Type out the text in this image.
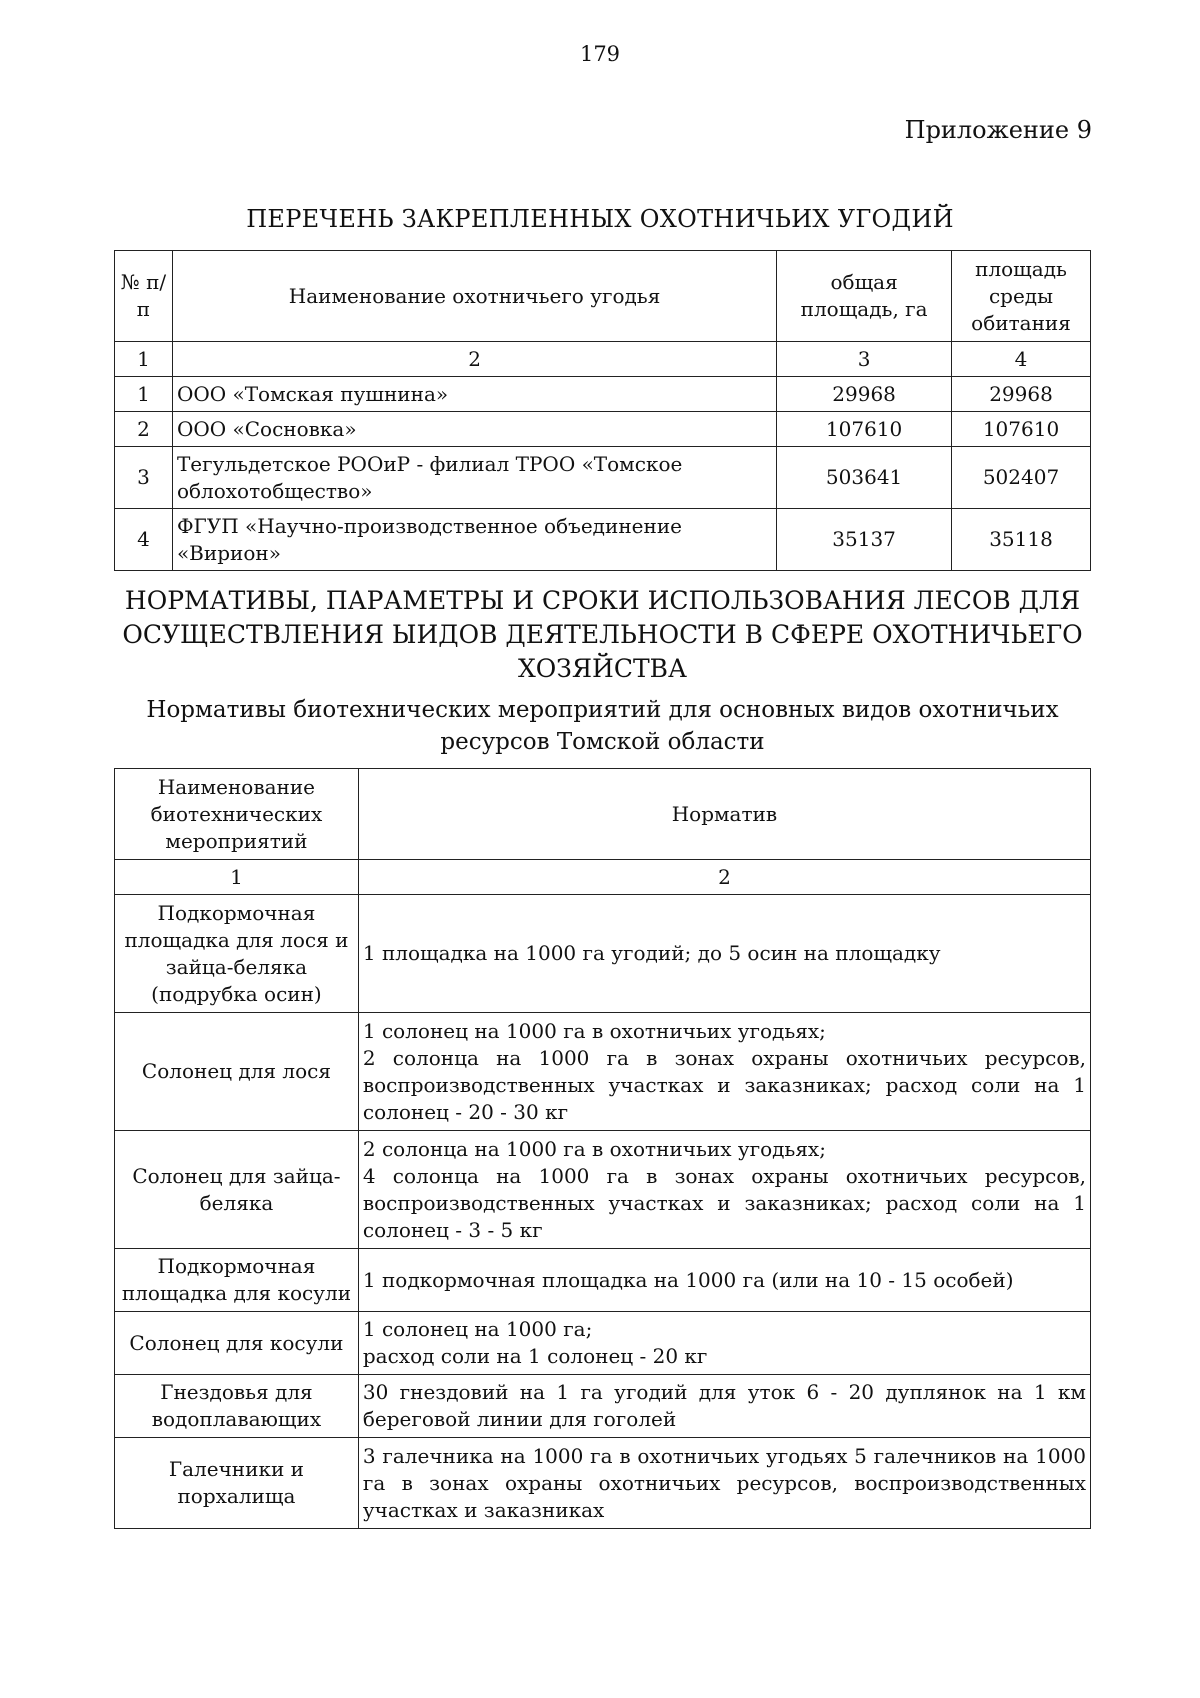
179
Приложение 9
ПЕРЕЧЕНЬ ЗАКРЕПЛЕННЫХ ОХОТНИЧЬИХ УГОДИЙ
№ п/п	Наименование охотничьего угодья	общая площадь, га	площадь среды обитания
1	2	3	4
1	ООО «Томская пушнина»	29968	29968
2	ООО «Сосновка»	107610	107610
3	Тегульдетское РООиР - филиал ТРОО «Томское облохотобщество»	503641	502407
4	ФГУП «Научно-производственное объединение «Вирион»	35137	35118
НОРМАТИВЫ, ПАРАМЕТРЫ И СРОКИ ИСПОЛЬЗОВАНИЯ ЛЕСОВ ДЛЯ ОСУЩЕСТВЛЕНИЯ ЫИДОВ ДЕЯТЕЛЬНОСТИ В СФЕРЕ ОХОТНИЧЬЕГО ХОЗЯЙСТВА
Нормативы биотехнических мероприятий для основных видов охотничьих ресурсов Томской области
Наименование биотехнических мероприятий	Норматив
1	2
Подкормочная площадка для лося и зайца-беляка (подрубка осин)	1 площадка на 1000 га угодий; до 5 осин на площадку
Солонец для лося	1 солонец на 1000 га в охотничьих угодьях;
2 солонца на 1000 га в зонах охраны охотничьих ресурсов, воспроизводственных участках и заказниках; расход соли на 1 солонец - 20 - 30 кг

Солонец для зайца-беляка	2 солонца на 1000 га в охотничьих угодьях;
4 солонца на 1000 га в зонах охраны охотничьих ресурсов, воспроизводственных участках и заказниках; расход соли на 1 солонец - 3 - 5 кг

Подкормочная площадка для косули	1 подкормочная площадка на 1000 га (или на 10 - 15 особей)
Солонец для косули	1 солонец на 1000 га;
расход соли на 1 солонец - 20 кг

Гнездовья для водоплавающих	30 гнездовий на 1 га угодий для уток 6 - 20 дуплянок на 1 км береговой линии для гоголей
Галечники и порхалища	3 галечника на 1000 га в охотничьих угодьях 5 галечников на 1000 га в зонах охраны охотничьих ресурсов, воспроизводственных участках и заказниках
